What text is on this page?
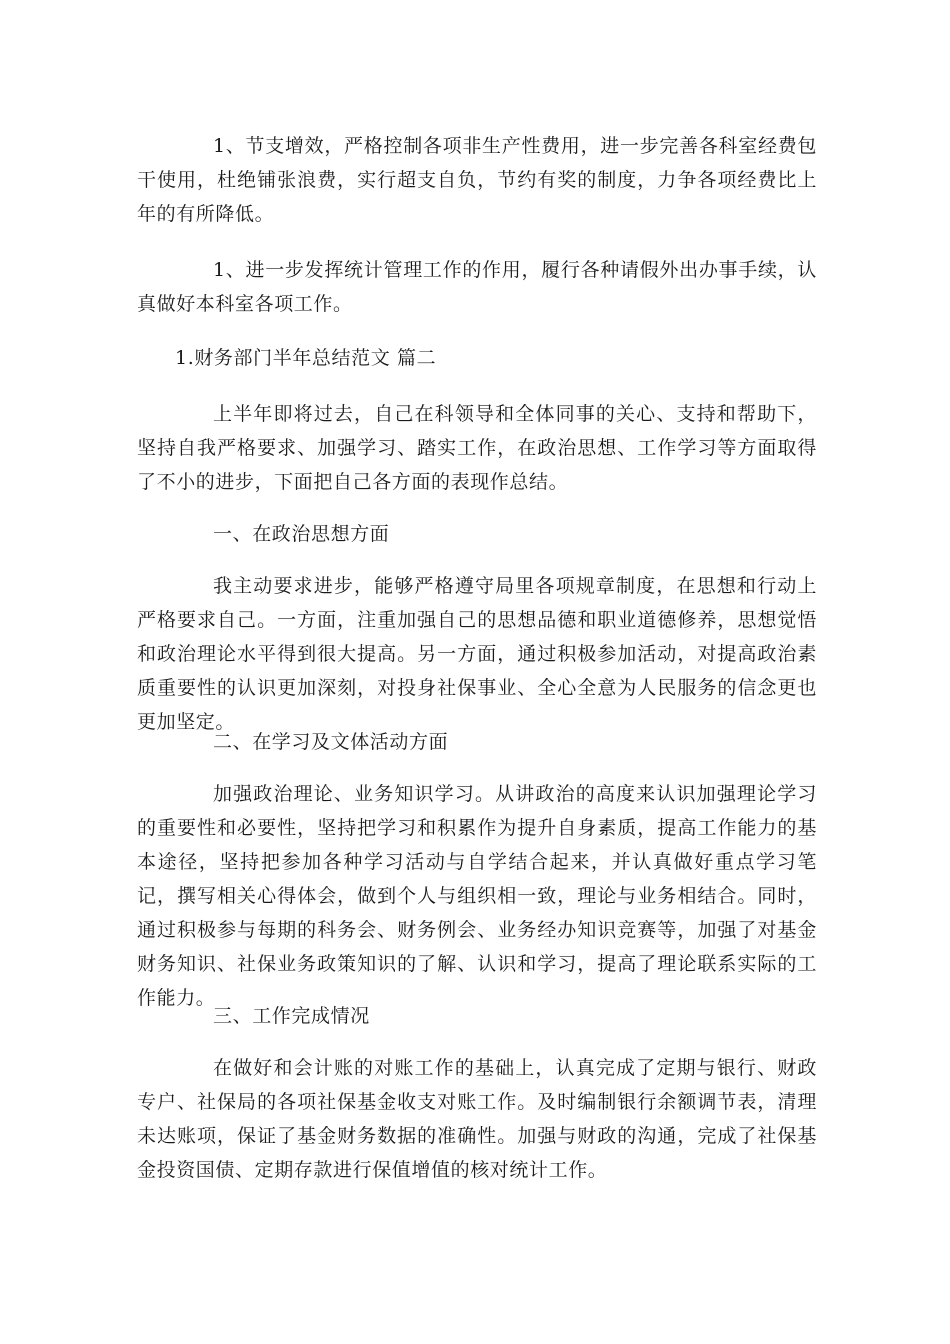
1、节支增效，严格控制各项非生产性费用，进一步完善各科室经费包干使用，杜绝铺张浪费，实行超支自负，节约有奖的制度，力争各项经费比上年的有所降低。

1、进一步发挥统计管理工作的作用，履行各种请假外出办事手续，认真做好本科室各项工作。

1.财务部门半年总结范文 篇二

上半年即将过去，自己在科领导和全体同事的关心、支持和帮助下，坚持自我严格要求、加强学习、踏实工作，在政治思想、工作学习等方面取得了不小的进步，下面把自己各方面的表现作总结。

一、在政治思想方面

我主动要求进步，能够严格遵守局里各项规章制度，在思想和行动上严格要求自己。一方面，注重加强自己的思想品德和职业道德修养，思想觉悟和政治理论水平得到很大提高。另一方面，通过积极参加活动，对提高政治素质重要性的认识更加深刻，对投身社保事业、全心全意为人民服务的信念更也更加坚定。

二、在学习及文体活动方面

加强政治理论、业务知识学习。从讲政治的高度来认识加强理论学习的重要性和必要性，坚持把学习和积累作为提升自身素质，提高工作能力的基本途径，坚持把参加各种学习活动与自学结合起来，并认真做好重点学习笔记，撰写相关心得体会，做到个人与组织相一致，理论与业务相结合。同时，通过积极参与每期的科务会、财务例会、业务经办知识竞赛等，加强了对基金财务知识、社保业务政策知识的了解、认识和学习，提高了理论联系实际的工作能力。

三、工作完成情况

在做好和会计账的对账工作的基础上，认真完成了定期与银行、财政专户、社保局的各项社保基金收支对账工作。及时编制银行余额调节表，清理未达账项，保证了基金财务数据的准确性。加强与财政的沟通，完成了社保基金投资国债、定期存款进行保值增值的核对统计工作。
